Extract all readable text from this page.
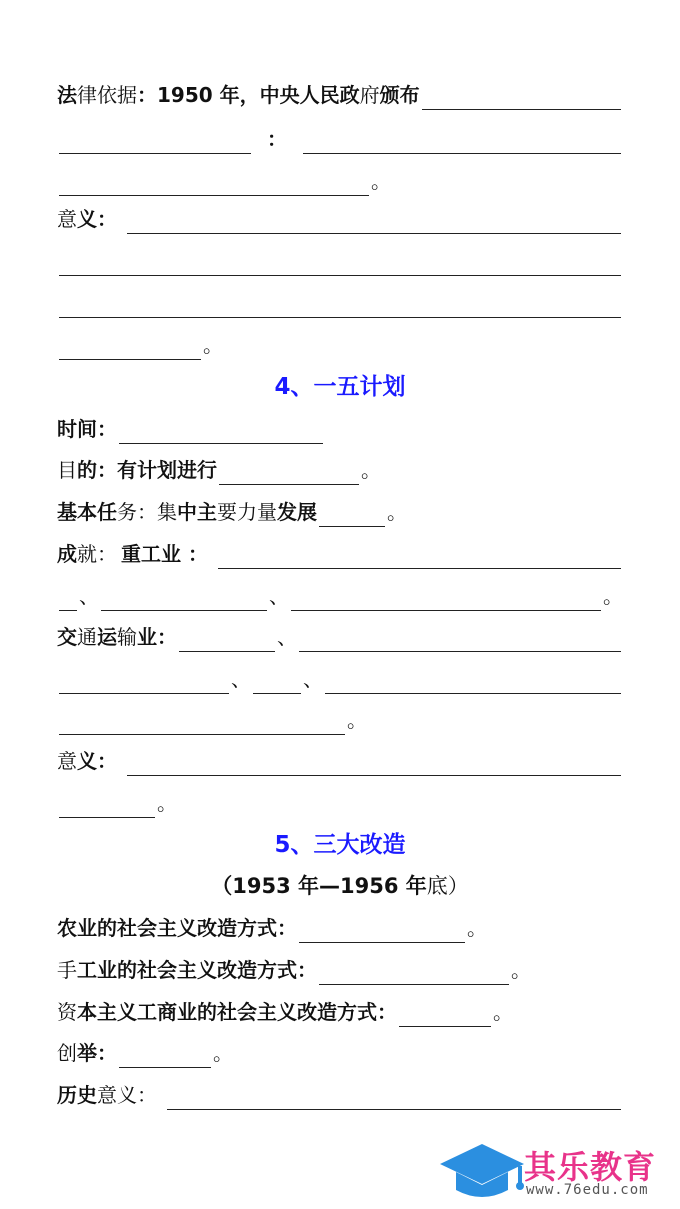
法 律依据 ：1950 年，中央人民政 府 颁布
：
。
意 义：
。
4、一五计划
时间：
目 的：有计划进行	。
基本任 务：集 中主 要力量 发展	。
成 就： 重工业 ：
、	、	。
交 通 运 输 业：	、
、	、
。
意 义：
。
5、三大改造
（1953 年—1956 年底）
农业的社会主义改造方式：	。
手 工业的社会主义改造方式：	。
资 本主义工商业的社会主义改造方式：	。
创 举：	。
历史 意义：
其乐教育
www.76edu.com
